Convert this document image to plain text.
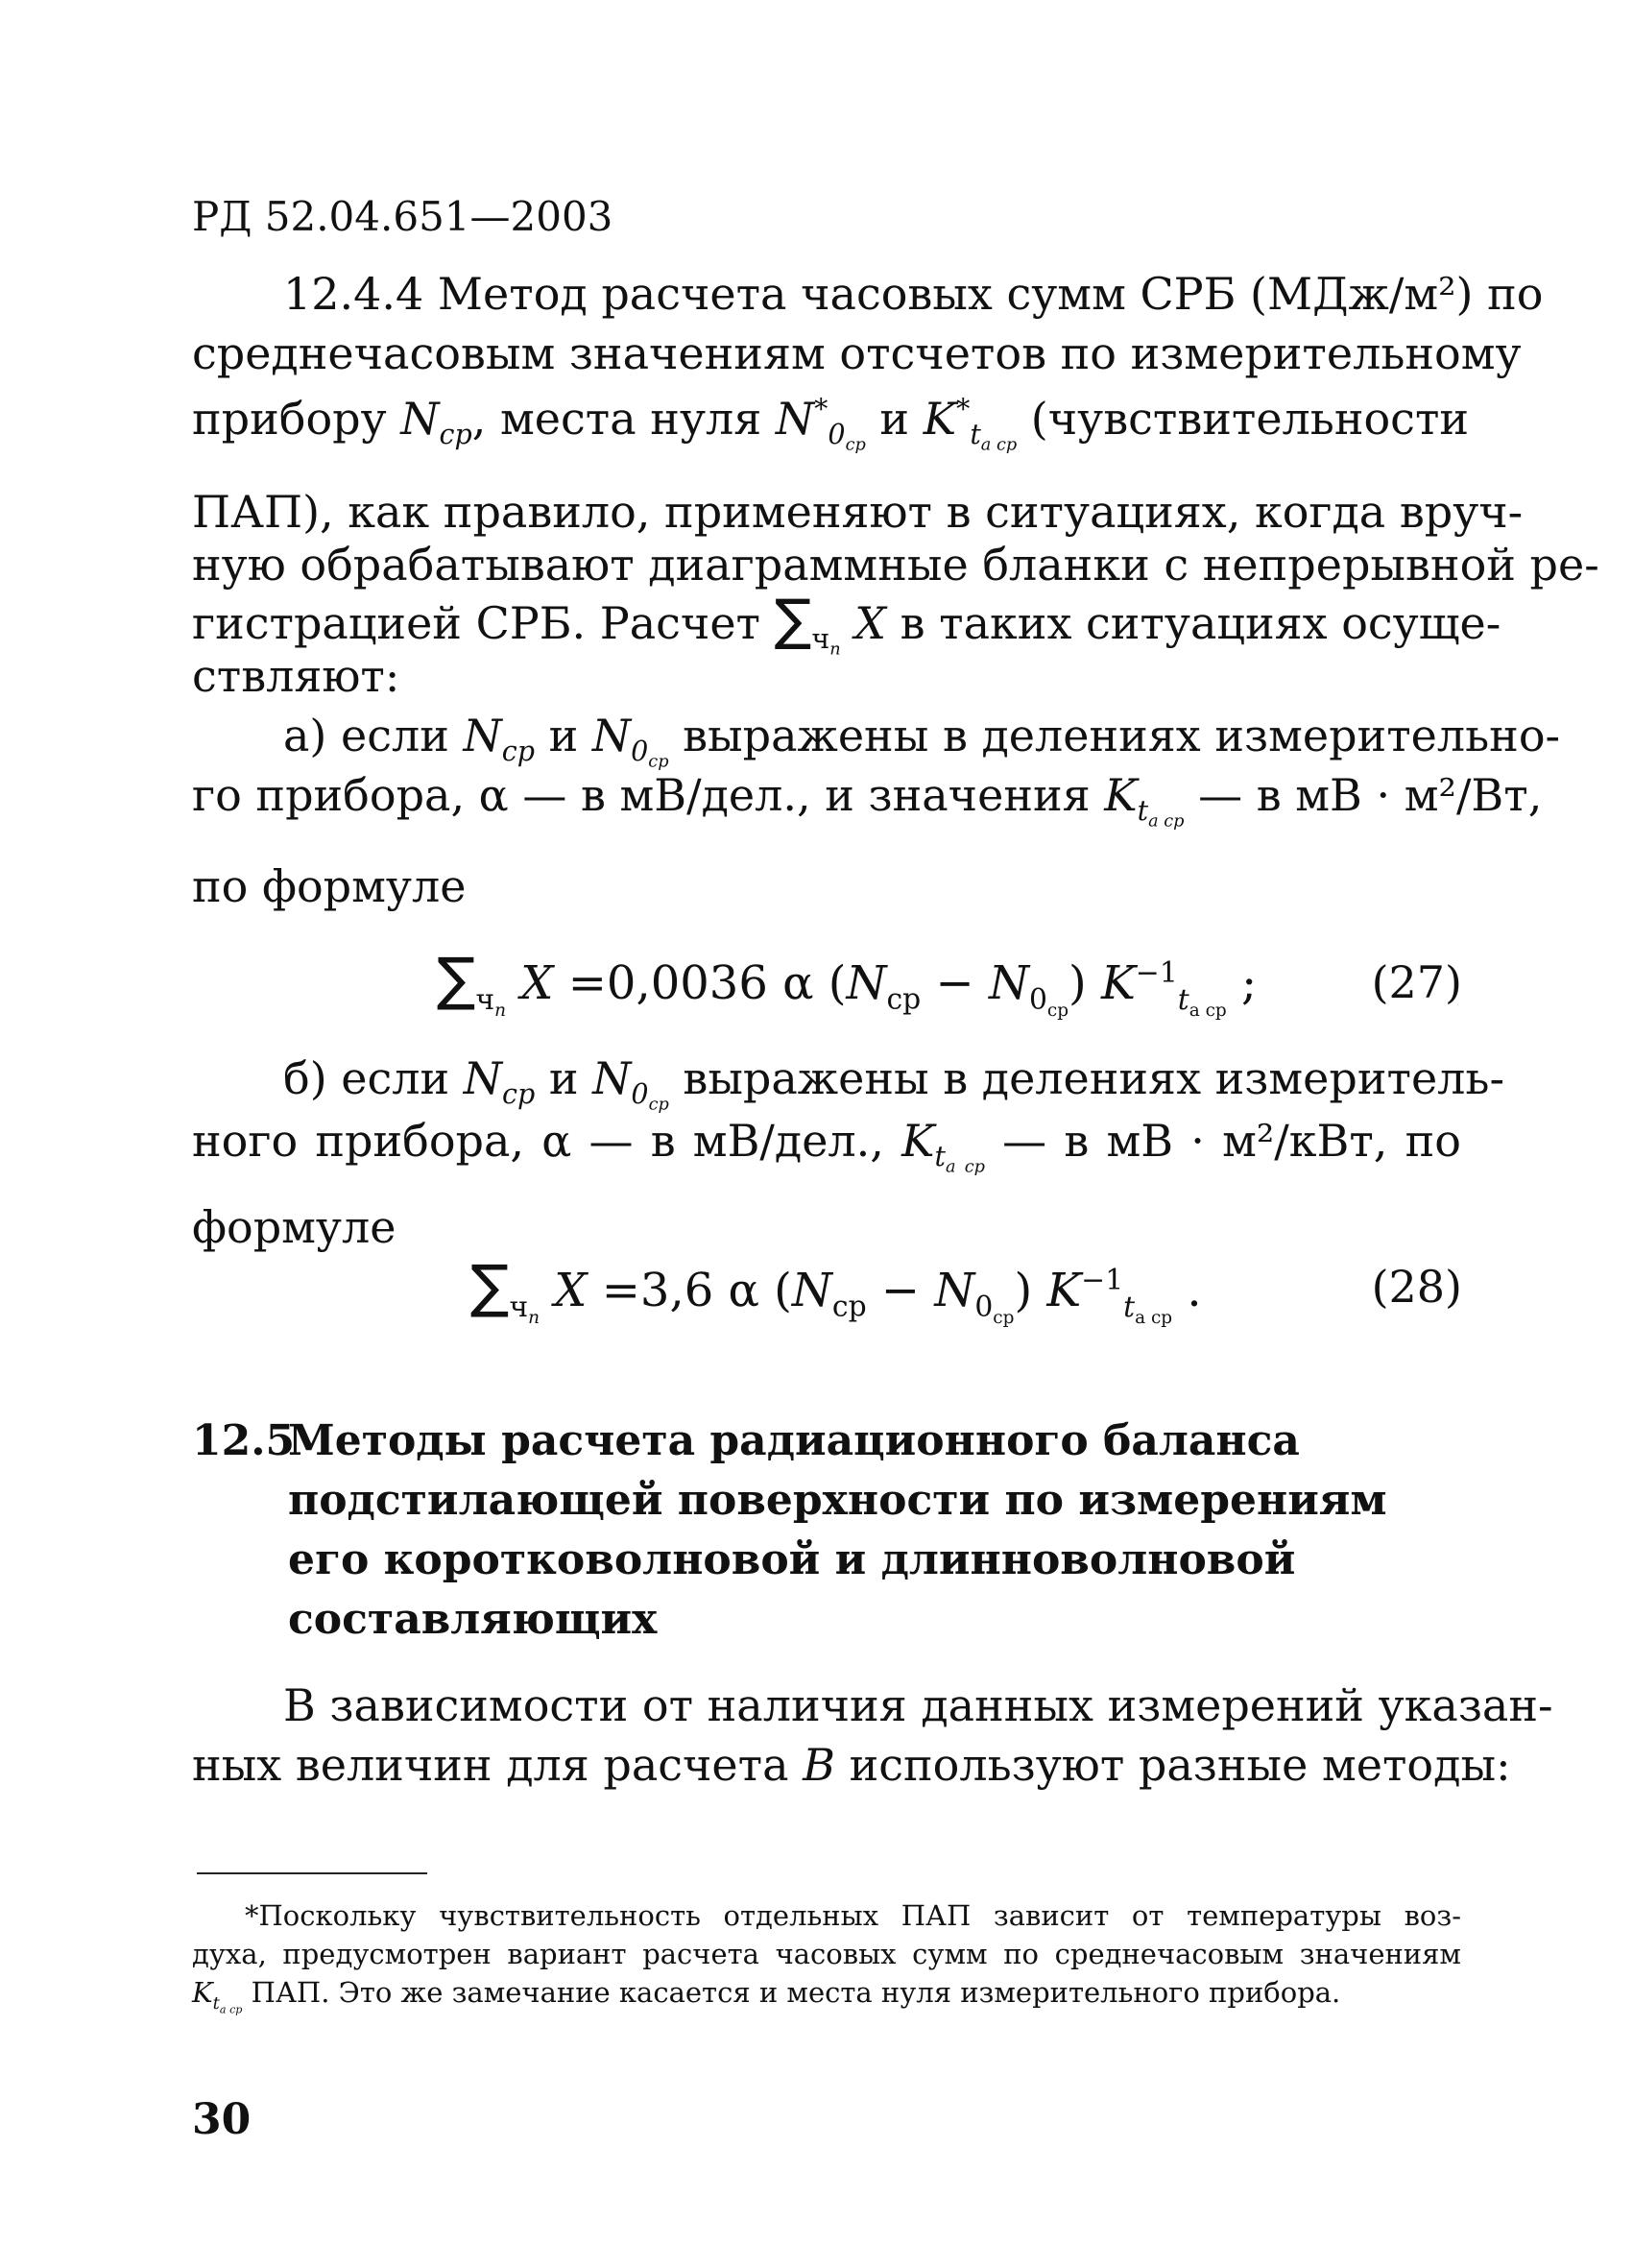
РД 52.04.651—2003
12.4.4 Метод расчета часовых сумм СРБ (МДж/м²) по
среднечасовым значениям отсчетов по измерительному
прибору $N_{ср}$, места нуля $N^*_{0_{ср}}$ и $K^*_{t_{a ср}}$ (чувствительности
ПАП), как правило, применяют в ситуациях, когда вруч-
ную обрабатывают диаграммные бланки с непрерывной ре-
гистрацией СРБ. Расчет $\sum_{ч_n}$ X в таких ситуациях осуще-
ствляют:
а) если $N_{ср}$ и $N_{0_{ср}}$ выражены в делениях измерительно-
го прибора, α — в мВ/дел., и значения $K_{t_{a ср}}$ — в мВ · м²/Вт,
по формуле
$\sum_{ч_n}$ X =0,0036 α $(N_{ср} - N_{0_{ср}})$ $K^{-1}_{t_{a ср}}$ ;	(27)
б) если $N_{ср}$ и $N_{0_{ср}}$ выражены в делениях измеритель-
ного прибора, α — в мВ/дел., $K_{t_{a ср}}$ — в мВ · м²/кВт, по
формуле
$\sum_{ч_n}$ X =3,6 α $(N_{ср} - N_{0_{ср}})$ $K^{-1}_{t_{a ср}}$ .	(28)
12.5
Методы расчета радиационного баланса
подстилающей поверхности по измерениям
его коротковолновой и длинноволновой
составляющих
В зависимости от наличия данных измерений указан-
ных величин для расчета B используют разные методы:
*Поскольку чувствительность отдельных ПАП зависит от температуры воз-
духа, предусмотрен вариант расчета часовых сумм по среднечасовым значениям
$K_{t_{a ср}}$ ПАП. Это же замечание касается и места нуля измерительного прибора.
30
